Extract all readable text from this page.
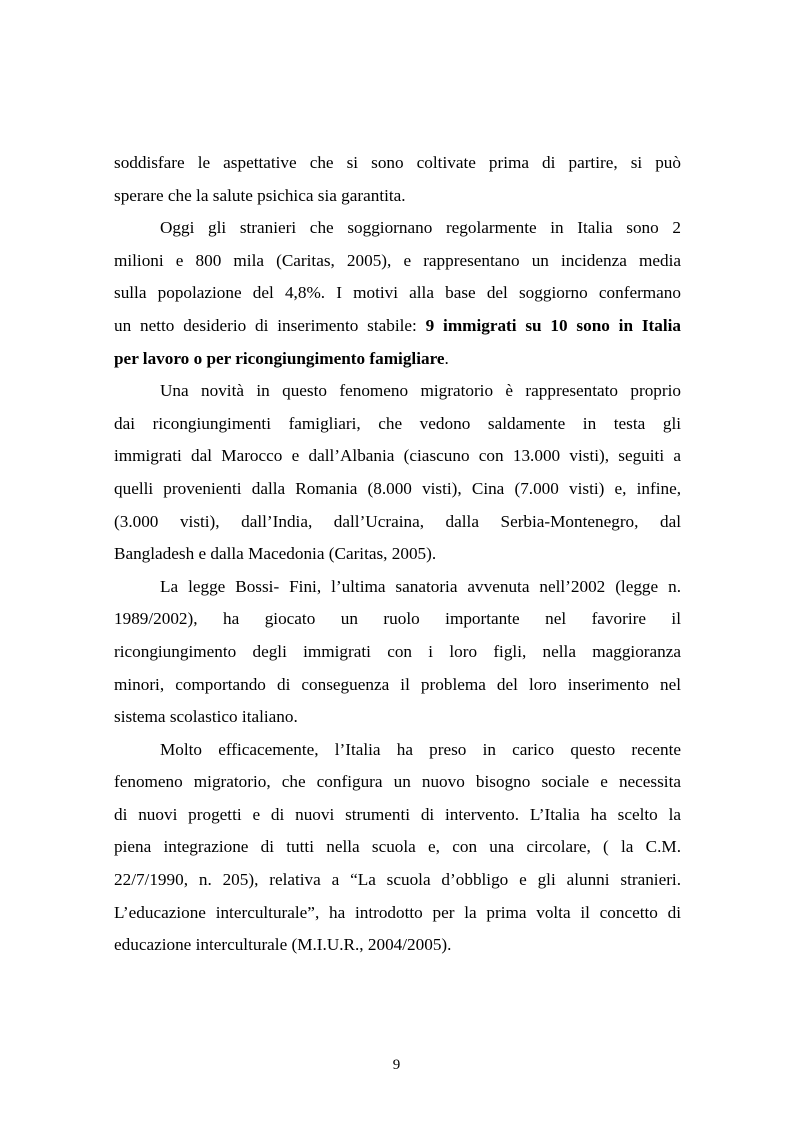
soddisfare le aspettative che si sono coltivate prima di partire, si può
sperare che la salute psichica sia garantita.
Oggi gli stranieri che soggiornano regolarmente in Italia sono 2
milioni e 800 mila (Caritas, 2005), e rappresentano un incidenza media
sulla popolazione del 4,8%. I motivi alla base del soggiorno confermano
un netto desiderio di inserimento stabile: 9 immigrati su 10 sono in Italia
per lavoro o per ricongiungimento famigliare.
Una novità in questo fenomeno migratorio è rappresentato proprio
dai ricongiungimenti famigliari, che vedono saldamente in testa gli
immigrati dal Marocco e dall’Albania (ciascuno con 13.000 visti), seguiti a
quelli provenienti dalla Romania (8.000 visti), Cina (7.000 visti) e, infine,
(3.000 visti), dall’India, dall’Ucraina, dalla Serbia-Montenegro, dal
Bangladesh e dalla Macedonia (Caritas, 2005).
La legge Bossi- Fini, l’ultima sanatoria avvenuta nell’2002 (legge n.
1989/2002), ha giocato un ruolo importante nel favorire il
ricongiungimento degli immigrati con i loro figli, nella maggioranza
minori, comportando di conseguenza il problema del loro inserimento nel
sistema scolastico italiano.
Molto efficacemente, l’Italia ha preso in carico questo recente
fenomeno migratorio, che configura un nuovo bisogno sociale e necessita
di nuovi progetti e di nuovi strumenti di intervento. L’Italia ha scelto la
piena integrazione di tutti nella scuola e, con una circolare, ( la C.M.
22/7/1990, n. 205), relativa a “La scuola d’obbligo e gli alunni stranieri.
L’educazione interculturale”, ha introdotto per la prima volta il concetto di
educazione interculturale (M.I.U.R., 2004/2005).
9
